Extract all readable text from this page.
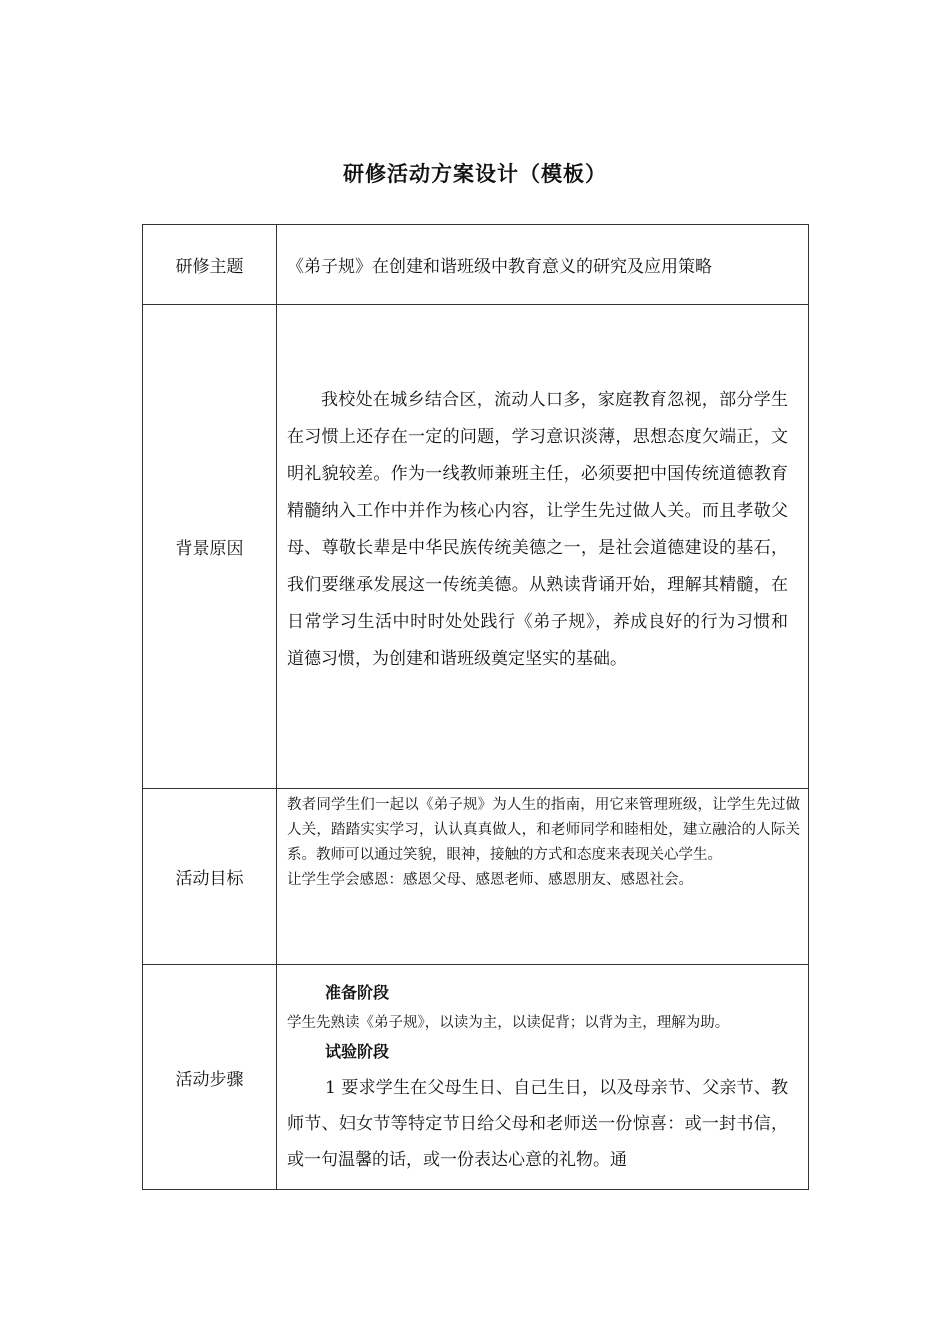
研修活动方案设计（模板）
研修主题	《弟子规》在创建和谐班级中教育意义的研究及应用策略

背景原因	我校处在城乡结合区，流动人口多，家庭教育忽视，部分学生在习惯上还存在一定的问题，学习意识淡薄，思想态度欠端正，文明礼貌较差。作为一线教师兼班主任，必须要把中国传统道德教育精髓纳入工作中并作为核心内容，让学生先过做人关。而且孝敬父母、尊敬长辈是中华民族传统美德之一，是社会道德建设的基石，我们要继承发展这一传统美德。从熟读背诵开始，理解其精髓，在日常学习生活中时时处处践行《弟子规》，养成良好的行为习惯和道德习惯，为创建和谐班级奠定坚实的基础。

活动目标	教者同学生们一起以《弟子规》为人生的指南，用它来管理班级，让学生先过做人关，踏踏实实学习，认认真真做人，和老师同学和睦相处，建立融洽的人际关系。教师可以通过笑貌，眼神，接触的方式和态度来表现关心学生。

让学生学会感恩：感恩父母、感恩老师、感恩朋友、感恩社会。

活动步骤	准备阶段
学生先熟读《弟子规》，以读为主，以读促背；以背为主，理解为助。
试验阶段
1 要求学生在父母生日、自己生日，以及母亲节、父亲节、教师节、妇女节等特定节日给父母和老师送一份惊喜：或一封书信，或一句温馨的话，或一份表达心意的礼物。通
